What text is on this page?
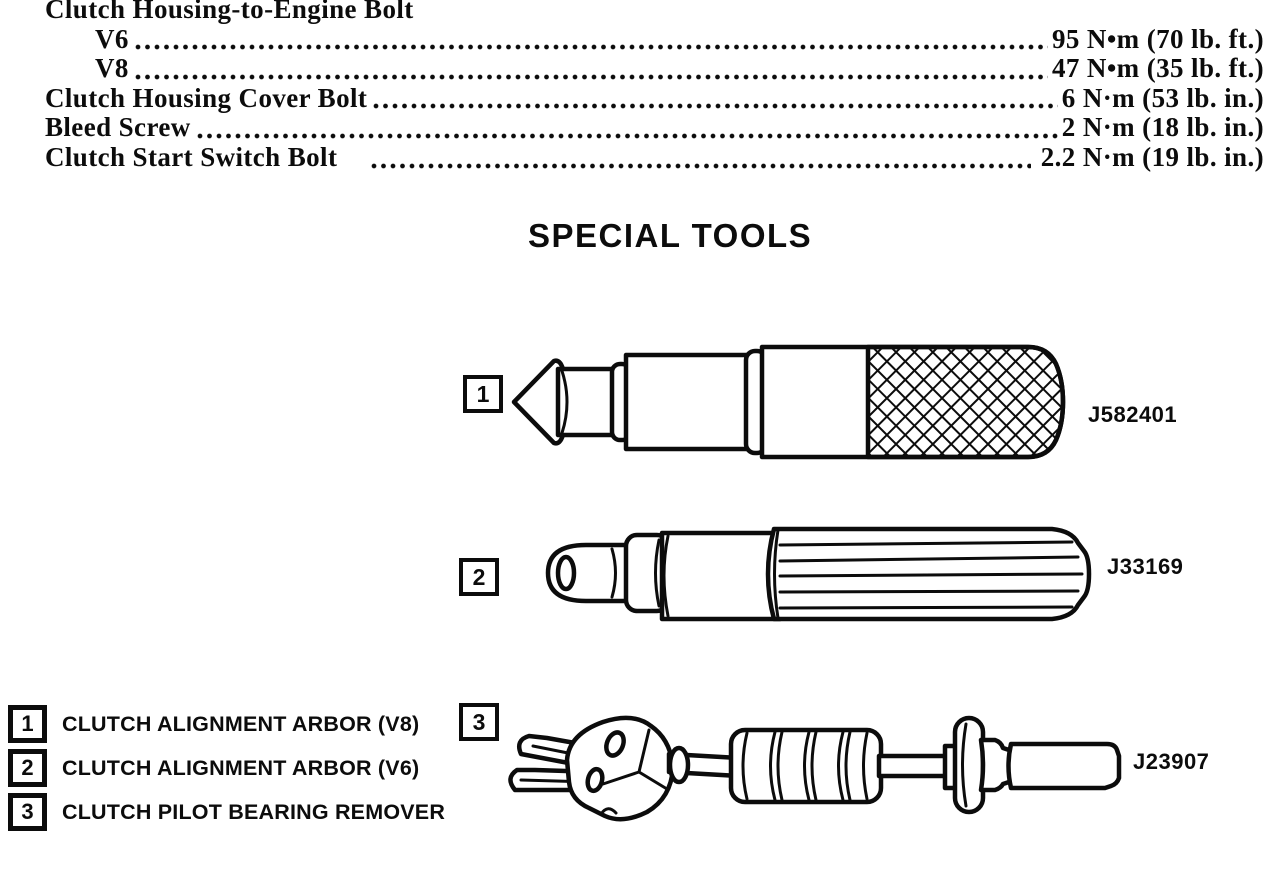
Clutch Housing-to-Engine Bolt
V6	95 N•m (70 lb. ft.)
V8	47 N•m (35 lb. ft.)
Clutch Housing Cover Bolt	6 N·m (53 lb. in.)
Bleed Screw	2 N·m (18 lb. in.)
Clutch Start Switch Bolt	2.2 N·m (19 lb. in.)
SPECIAL TOOLS
1
J582401
2	J33169
3
J23907
1 CLUTCH ALIGNMENT ARBOR (V8)
2 CLUTCH ALIGNMENT ARBOR (V6)
3 CLUTCH PILOT BEARING REMOVER
